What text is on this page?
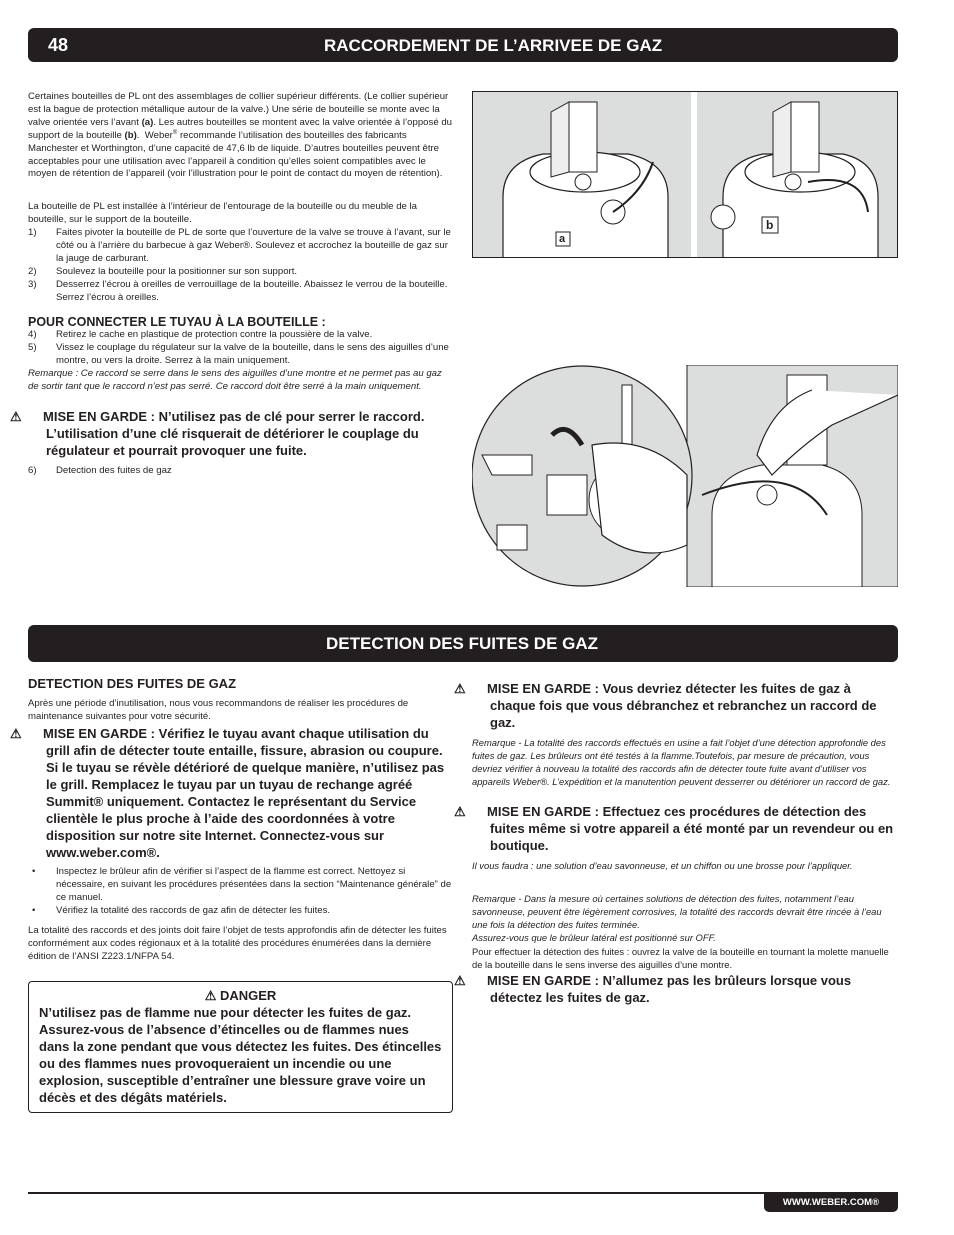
48	RACCORDEMENT DE L’ARRIVEE DE GAZ
Certaines bouteilles de PL ont des assemblages de collier supérieur différents. (Le collier supérieur est la bague de protection métallique autour de la valve.) Une série de bouteille se monte avec la valve orientée vers l’avant (a). Les autres bouteilles se montent avec la valve orientée à l’opposé du support de la bouteille (b).  Weber® recommande l’utilisation des bouteilles des fabricants Manchester et Worthington, d’une capacité de 47,6 lb de liquide. D’autres bouteilles peuvent être acceptables pour une utilisation avec l’appareil à condition qu’elles soient compatibles avec le moyen de rétention de l’appareil (voir l’illustration pour le point de contact du moyen de rétention).
La bouteille de PL est installée à l’intérieur de l’entourage de la bouteille ou du meuble de la bouteille, sur le support de la bouteille.
1) Faites pivoter la bouteille de PL de sorte que l’ouverture de la valve se trouve à l’avant, sur le côté ou à l’arrière du barbecue à gaz Weber®. Soulevez et accrochez la bouteille de gaz sur la jauge de carburant.
2) Soulevez la bouteille pour la positionner sur son support.
3) Desserrez l’écrou à oreilles de verrouillage de la bouteille. Abaissez le verrou de la bouteille. Serrez l’écrou à oreilles.
POUR CONNECTER LE TUYAU À LA BOUTEILLE :
4) Retirez le cache en plastique de protection contre la poussière de la valve.
5) Vissez le couplage du régulateur sur la valve de la bouteille, dans le sens des aiguilles d’une montre, ou vers la droite. Serrez à la main uniquement.
Remarque : Ce raccord se serre dans le sens des aiguilles d’une montre et ne permet pas au gaz de sortir tant que le raccord n’est pas serré. Ce raccord doit être serré à la main uniquement.
⚠ MISE EN GARDE : N’utilisez pas de clé pour serrer le raccord. L’utilisation d’une clé risquerait de détériorer le couplage du régulateur et pourrait provoquer une fuite.
6) Detection des fuites de gaz
a
b
DETECTION DES FUITES DE GAZ
DETECTION DES FUITES DE GAZ
Après une période d’inutilisation, nous vous recommandons de réaliser les procédures de maintenance suivantes pour votre sécurité.
⚠ MISE EN GARDE : Vérifiez le tuyau avant chaque utilisation du grill afin de détecter toute entaille, fissure, abrasion ou coupure. Si le tuyau se révèle détérioré de quelque manière, n’utilisez pas le grill. Remplacez le tuyau par un tuyau de rechange agréé Summit® uniquement. Contactez le représentant du Service clientèle le plus proche à l’aide des coordonnées à votre disposition sur notre site Internet. Connectez-vous sur www.weber.com®.
• Inspectez le brûleur afin de vérifier si l’aspect de la flamme est correct. Nettoyez si nécessaire, en suivant les procédures présentées dans la section “Maintenance générale” de ce manuel.
• Vérifiez la totalité des raccords de gaz afin de détecter les fuites.
La totalité des raccords et des joints doit faire l’objet de tests approfondis afin de détecter les fuites conformément aux codes régionaux et à la totalité des procédures énumérées dans la dernière édition de l’ANSI Z223.1/NFPA 54.
⚠ DANGER
N’utilisez pas de flamme nue pour détecter les fuites de gaz. Assurez-vous de l’absence d’étincelles ou de flammes nues dans la zone pendant que vous détectez les fuites. Des étincelles ou des flammes nues provoqueraient un incendie ou une explosion, susceptible d’entraîner une blessure grave voire un décès et des dégâts matériels.
⚠ MISE EN GARDE : Vous devriez détecter les fuites de gaz à chaque fois que vous débranchez et rebranchez un raccord de gaz.
Remarque - La totalité des raccords effectués en usine a fait l’objet d’une détection approfondie des fuites de gaz. Les brûleurs ont été testés à la flamme.Toutefois, par mesure de précaution, vous devriez vérifier à nouveau la totalité des raccords afin de détecter toute fuite avant d’utiliser vos appareils Weber®. L’expédition et la manutention peuvent desserrer ou détériorer un raccord de gaz.
⚠ MISE EN GARDE : Effectuez ces procédures de détection des fuites même si votre appareil a été monté par un revendeur ou en boutique.
Il vous faudra : une solution d’eau savonneuse, et un chiffon ou une brosse pour l’appliquer.
Remarque - Dans la mesure où certaines solutions de détection des fuites, notamment l’eau savonneuse, peuvent être légèrement corrosives, la totalité des raccords devrait être rincée à l’eau une fois la détection des fuites terminée.
Assurez-vous que le brûleur latéral est positionné sur OFF.
Pour effectuer la détection des fuites : ouvrez la valve de la bouteille en tournant la molette manuelle de la bouteille dans le sens inverse des aiguilles d’une montre.
⚠ MISE EN GARDE : N’allumez pas les brûleurs lorsque vous détectez les fuites de gaz.
WWW.WEBER.COM®
